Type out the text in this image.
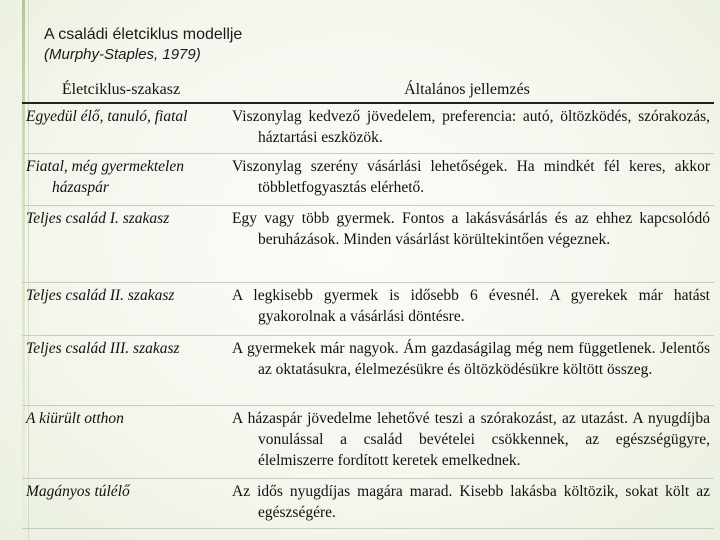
A családi életciklus modellje
(Murphy-Staples, 1979)
Életciklus-szakasz	Általános jellemzés

Egyedül élő, tanuló, fiatal	Viszonylag kedvező jövedelem, preferencia: autó, öltözködés, szórakozás, háztartási eszközök.

Fiatal, még gyermektelen házaspár	Viszonylag szerény vásárlási lehetőségek. Ha mindkét fél keres, akkor többletfogyasztás elérhető.

Teljes család I. szakasz	Egy vagy több gyermek. Fontos a lakásvásárlás és az ehhez kapcsolódó beruházások. Minden vásárlást körültekintően végeznek.

Teljes család II. szakasz	A legkisebb gyermek is idősebb 6 évesnél. A gyerekek már hatást gyakorolnak a vásárlási döntésre.

Teljes család III. szakasz	A gyermekek már nagyok. Ám gazdaságilag még nem függetlenek. Jelentős az oktatásukra, élelmezésükre és öltözködésükre költött összeg.

A kiürült otthon	A házaspár jövedelme lehetővé teszi a szórakozást, az utazást. A nyugdíjba vonulással a család bevételei csökkennek, az egészségügyre, élelmiszerre fordított keretek emelkednek.

Magányos túlélő	Az idős nyugdíjas magára marad. Kisebb lakásba költözik, sokat költ az egészségére.
